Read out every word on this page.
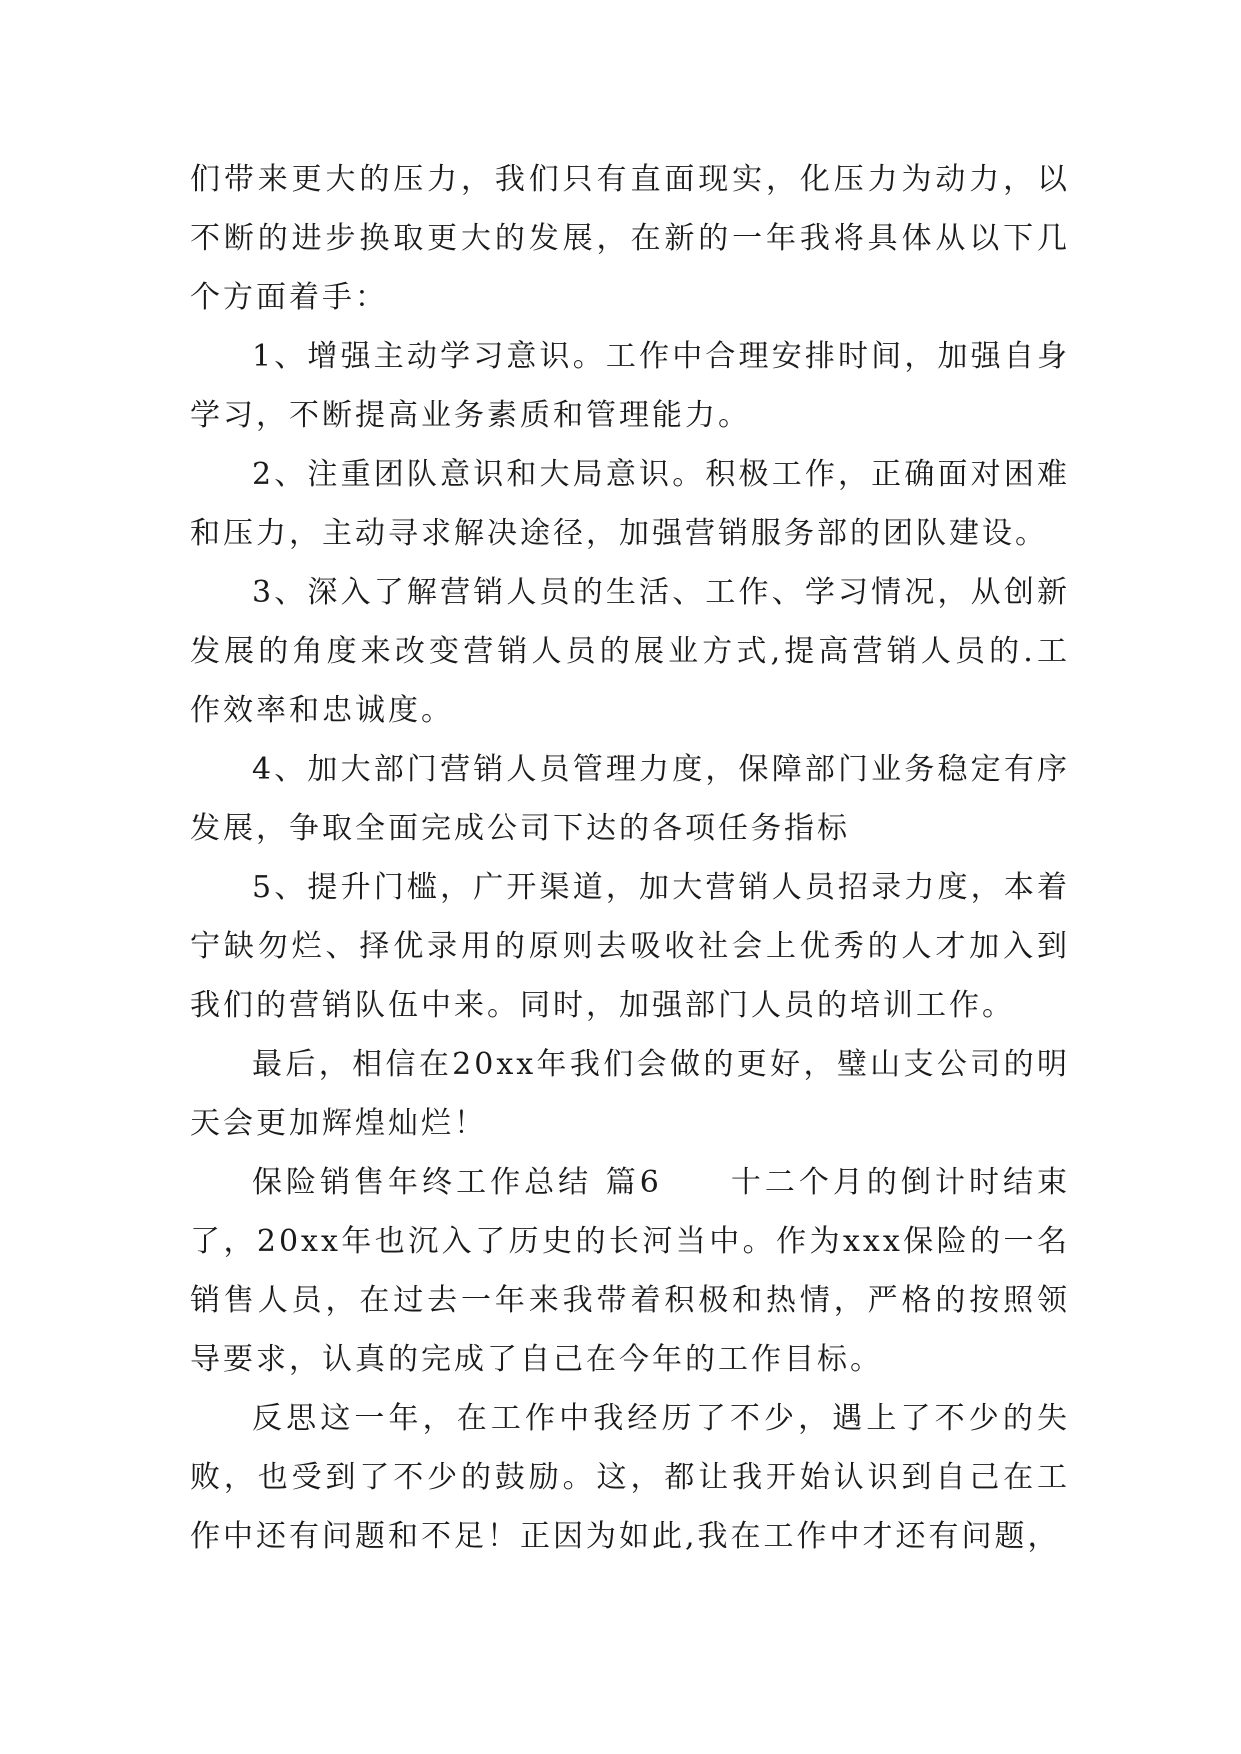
们带来更大的压力，我们只有直面现实，化压力为动力，以不断的进步换取更大的发展，在新的一年我将具体从以下几个方面着手：

1、增强主动学习意识。工作中合理安排时间，加强自身学习，不断提高业务素质和管理能力。

2、注重团队意识和大局意识。积极工作，正确面对困难和压力，主动寻求解决途径，加强营销服务部的团队建设。

3、深入了解营销人员的生活、工作、学习情况，从创新发展的角度来改变营销人员的展业方式,提高营销人员的.工作效率和忠诚度。

4、加大部门营销人员管理力度，保障部门业务稳定有序发展，争取全面完成公司下达的各项任务指标

5、提升门槛，广开渠道，加大营销人员招录力度，本着宁缺勿烂、择优录用的原则去吸收社会上优秀的人才加入到我们的营销队伍中来。同时，加强部门人员的培训工作。

最后，相信在20xx年我们会做的更好，璧山支公司的明天会更加辉煌灿烂！

保险销售年终工作总结 篇6　　十二个月的倒计时结束了，20xx年也沉入了历史的长河当中。作为xxx保险的一名销售人员，在过去一年来我带着积极和热情，严格的按照领导要求，认真的完成了自己在今年的工作目标。

反思这一年，在工作中我经历了不少，遇上了不少的失败，也受到了不少的鼓励。这，都让我开始认识到自己在工作中还有问题和不足！正因为如此,我在工作中才还有问题，
